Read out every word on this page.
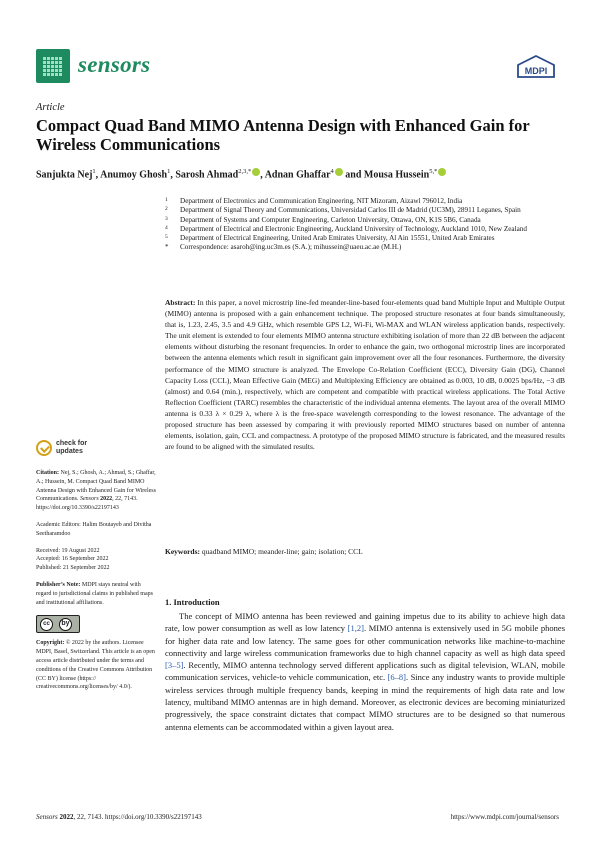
sensors	MDPI
Article
Compact Quad Band MIMO Antenna Design with Enhanced Gain for Wireless Communications
Sanjukta Nej$^1$, Anumoy Ghosh$^1$, Sarosh Ahmad$^{2,3,*}$ , Adnan Ghaffar$^4$ and Mousa Hussein$^{5,*}$
1 Department of Electronics and Communication Engineering, NIT Mizoram, Aizawl 796012, India
2 Department of Signal Theory and Communications, Universidad Carlos III de Madrid (UC3M), 28911 Leganes, Spain
3 Department of Systems and Computer Engineering, Carleton University, Ottawa, ON, K1S 5B6, Canada
4 Department of Electrical and Electronic Engineering, Auckland University of Technology, Auckland 1010, New Zealand
5 Department of Electrical Engineering, United Arab Emirates University, Al Ain 15551, United Arab Emirates
* Correspondence: asaroh@ing.uc3m.es (S.A.); mihussein@uaeu.ac.ae (M.H.)
Abstract: In this paper, a novel microstrip line-fed meander-line-based four-elements quad band Multiple Input and Multiple Output (MIMO) antenna is proposed with a gain enhancement technique. The proposed structure resonates at four bands simultaneously, that is, 1.23, 2.45, 3.5 and 4.9 GHz, which resemble GPS L2, Wi-Fi, Wi-MAX and WLAN wireless application bands, respectively. The unit element is extended to four elements MIMO antenna structure exhibiting isolation of more than 22 dB between the adjacent elements without disturbing the resonant frequencies. In order to enhance the gain, two orthogonal microstrip lines are incorporated between the antenna elements which result in significant gain improvement over all the four resonances. Furthermore, the diversity performance of the MIMO structure is analyzed. The Envelope Co-Relation Coefficient (ECC), Diversity Gain (DG), Channel Capacity Loss (CCL), Mean Effective Gain (MEG) and Multiplexing Efficiency are obtained as 0.003, 10 dB, 0.0025 bps/Hz, −3 dB (almost) and 0.64 (min.), respectively, which are competent and compatible with practical wireless applications. The Total Active Reflection Coefficient (TARC) resembles the characteristic of the individual antenna elements. The layout area of the overall MIMO antenna is 0.33 λ × 0.29 λ, where λ is the free-space wavelength corresponding to the lowest resonance. The advantage of the proposed structure has been assessed by comparing it with previously reported MIMO structures based on number of antenna elements, isolation, gain, CCL and compactness. A prototype of the proposed MIMO structure is fabricated, and the measured results are found to be aligned with the simulated results.
Keywords: quadband MIMO; meander-line; gain; isolation; CCL
check for
updates
Citation: Nej, S.; Ghosh, A.; Ahmad, S.; Ghaffar, A.; Hussein, M. Compact Quad Band MIMO Antenna Design with Enhanced Gain for Wireless Communications. Sensors 2022, 22, 7143. https://doi.org/10.3390/s22197143
Academic Editors: Halim Boutayeb and Divitha Seetharamdoo
Received: 19 August 2022
Accepted: 16 September 2022
Published: 21 September 2022
Publisher’s Note: MDPI stays neutral with regard to jurisdictional claims in published maps and institutional affiliations.
cc	by
Copyright: © 2022 by the authors. Licensee MDPI, Basel, Switzerland. This article is an open access article distributed under the terms and conditions of the Creative Commons Attribution (CC BY) license (https:// creativecommons.org/licenses/by/ 4.0/).
1. Introduction
The concept of MIMO antenna has been reviewed and gaining impetus due to its ability to achieve high data rate, low power consumption as well as low latency [1,2]. MIMO antenna is extensively used in 5G mobile phones for higher data rate and low latency. The same goes for other communication networks like machine-to-machine connectivity and large wireless communication frameworks due to high channel capacity as well as high data speed [3–5]. Recently, MIMO antenna technology served different applications such as digital television, WLAN, mobile communication services, vehicle-to vehicle communication, etc. [6–8]. Since any industry wants to provide multiple wireless services through multiple frequency bands, keeping in mind the requirements of high data rate and low latency, multiband MIMO antennas are in high demand. Moreover, as electronic devices are becoming miniaturized progressively, the space constraint dictates that compact MIMO structures are to be designed so that numerous antenna elements can be accommodated within a given layout area.
Sensors 2022, 22, 7143. https://doi.org/10.3390/s22197143	https://www.mdpi.com/journal/sensors
